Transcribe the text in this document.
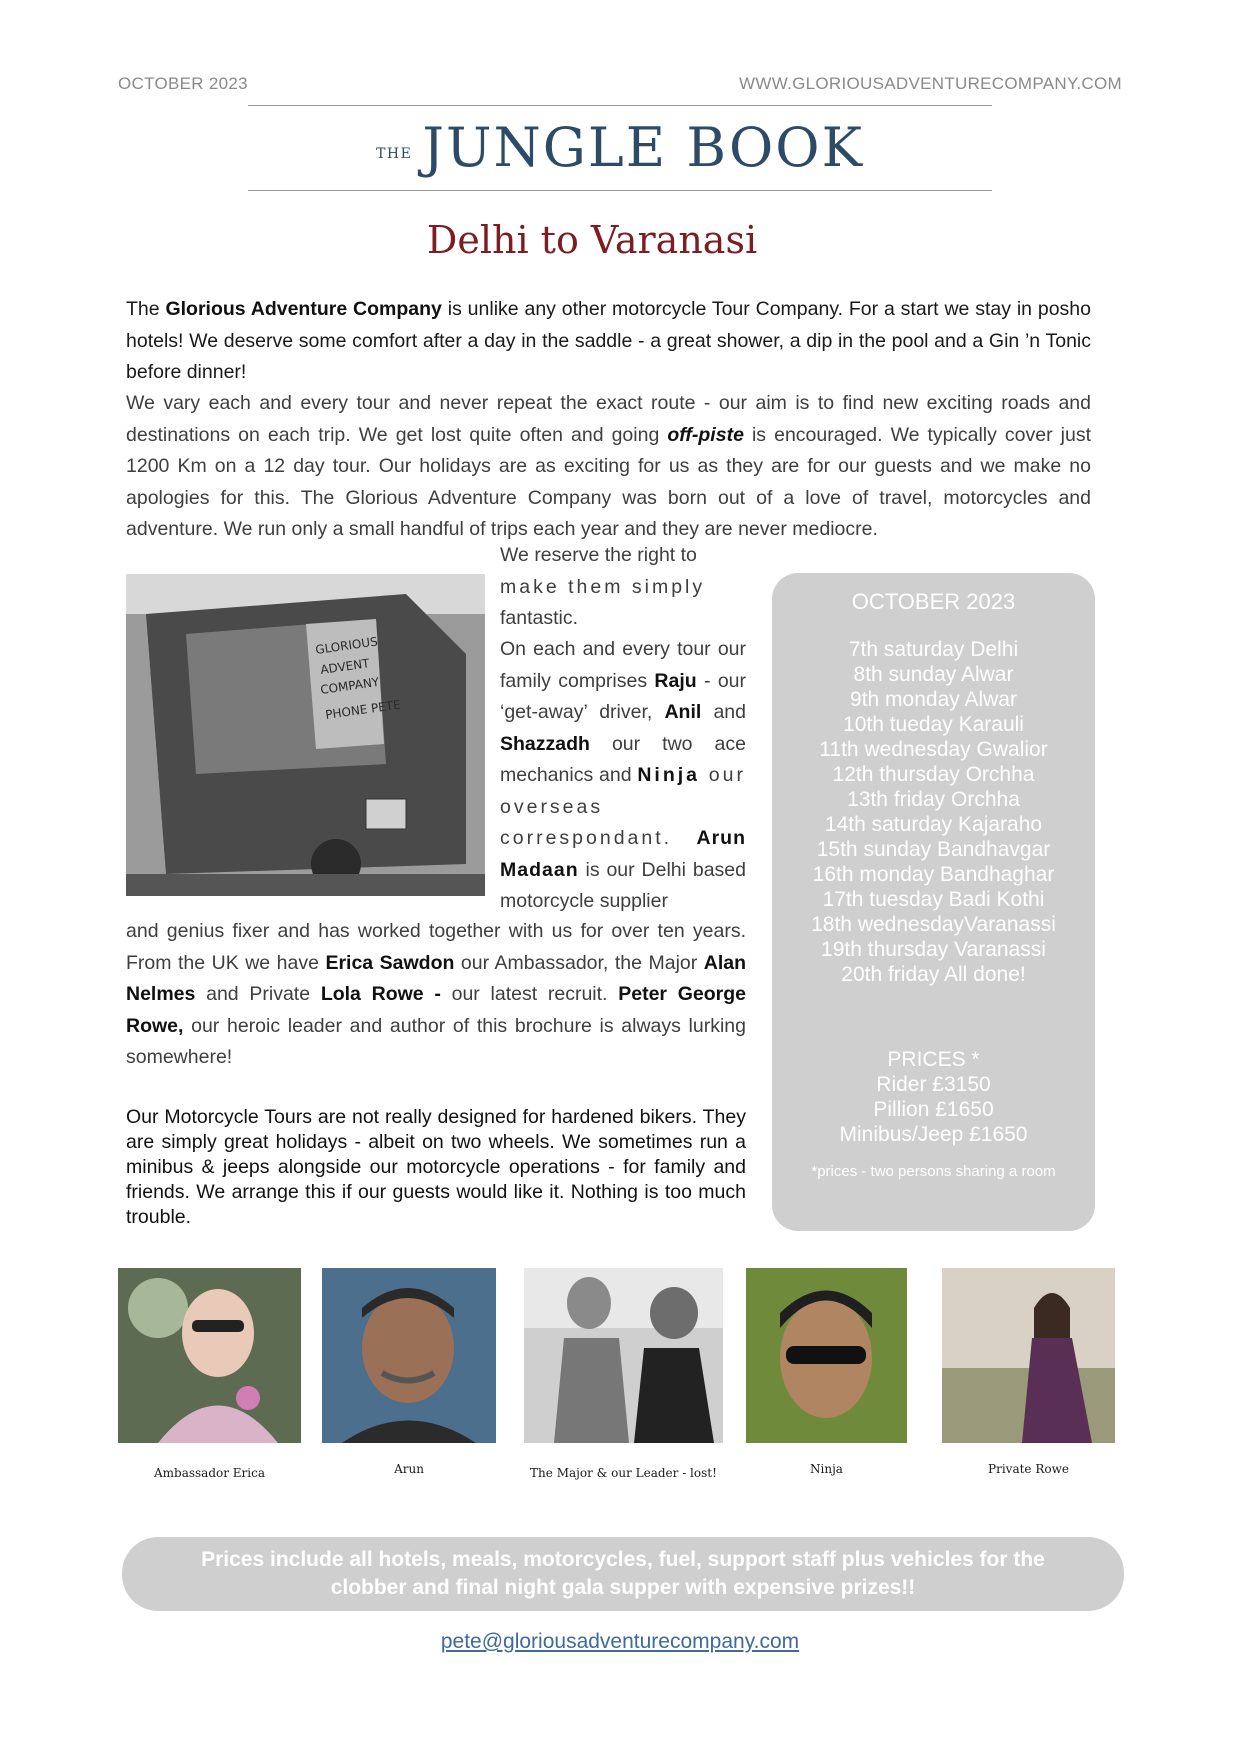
OCTOBER 2023	WWW.GLORIOUSADVENTURECOMPANY.COM
THE JUNGLE BOOK
Delhi to Varanasi
The Glorious Adventure Company is unlike any other motorcycle Tour Company. For a start we stay in posho hotels! We deserve some comfort after a day in the saddle - a great shower, a dip in the pool and a Gin ’n Tonic before dinner!
We vary each and every tour and never repeat the exact route - our aim is to find new exciting roads and destinations on each trip. We get lost quite often and going off-piste is encouraged. We typically cover just 1200 Km on a 12 day tour. Our holidays are as exciting for us as they are for our guests and we make no apologies for this. The Glorious Adventure Company was born out of a love of travel, motorcycles and adventure. We run only a small handful of trips each year and they are never mediocre.
GLORIOUS
ADVENT
COMPANY
PHONE PETE
We reserve the right to
make them simply
fantastic.
On each and every tour our family comprises Raju - our ‘get-away’ driver, Anil and Shazzadh our two ace mechanics and Ninja our overseas correspondant. Arun Madaan is our Delhi based motorcycle supplier
and genius fixer and has worked together with us for over ten years. From the UK we have Erica Sawdon our Ambassador, the Major Alan Nelmes and Private Lola Rowe - our latest recruit. Peter George Rowe, our heroic leader and author of this brochure is always lurking somewhere!
Our Motorcycle Tours are not really designed for hardened bikers. They are simply great holidays - albeit on two wheels. We sometimes run a minibus & jeeps alongside our motorcycle operations - for family and friends. We arrange this if our guests would like it. Nothing is too much trouble.
OCTOBER 2023
7th saturday Delhi
8th sunday Alwar
9th monday Alwar
10th tueday Karauli
11th wednesday Gwalior
12th thursday Orchha
13th friday Orchha
14th saturday Kajaraho
15th sunday Bandhavgar
16th monday Bandhaghar
17th tuesday Badi Kothi
18th wednesdayVaranassi
19th thursday Varanassi
20th friday All done!
PRICES *
Rider £3150
Pillion £1650
Minibus/Jeep £1650
*prices - two persons sharing a room
Ambassador Erica	Arun	The Major & our Leader - lost!	Ninja	Private Rowe
Prices include all hotels, meals, motorcycles, fuel, support staff plus vehicles for the clobber and final night gala supper with expensive prizes!!
pete@gloriousadventurecompany.com
